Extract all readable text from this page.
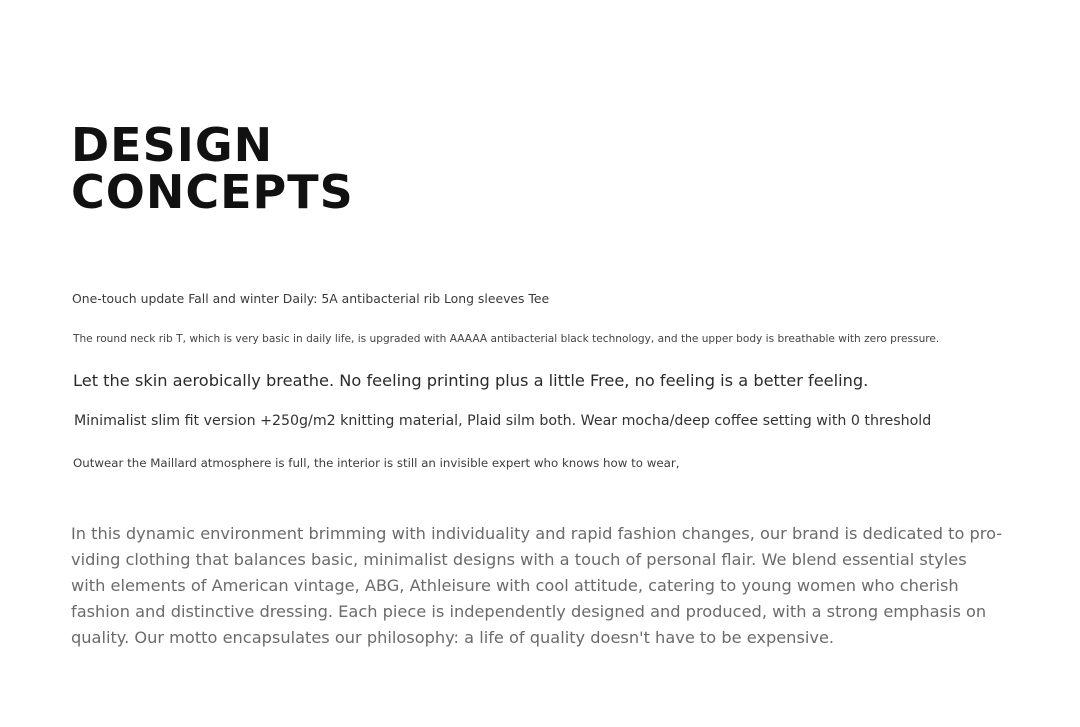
DESIGN
CONCEPTS

One-touch update Fall and winter Daily: 5A antibacterial rib Long sleeves Tee

The round neck rib T, which is very basic in daily life, is upgraded with AAAAA antibacterial black technology, and the upper body is breathable with zero pressure.

Let the skin aerobically breathe. No feeling printing plus a little Free, no feeling is a better feeling.

Minimalist slim fit version +250g/m2 knitting material, Plaid silm both. Wear mocha/deep coffee setting with 0 threshold

Outwear the Maillard atmosphere is full, the interior is still an invisible expert who knows how to wear,

In this dynamic environment brimming with individuality and rapid fashion changes, our brand is dedicated to pro-viding clothing that balances basic, minimalist designs with a touch of personal flair. We blend essential styles with elements of American vintage, ABG, Athleisure with cool attitude, catering to young women who cherish fashion and distinctive dressing. Each piece is independently designed and produced, with a strong emphasis on quality. Our motto encapsulates our philosophy: a life of quality doesn't have to be expensive.
